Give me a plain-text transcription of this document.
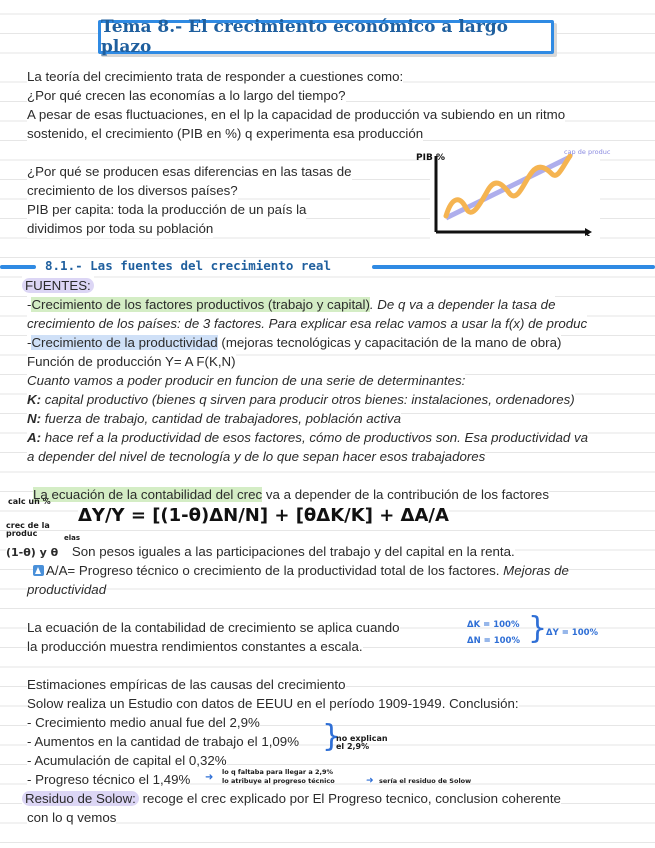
Tema 8.- El crecimiento económico a largo plazo
La teoría del crecimiento trata de responder a cuestiones como:
¿Por qué crecen las economías a lo largo del tiempo?
A pesar de esas fluctuaciones, en el lp la capacidad de producción va subiendo en un ritmo
sostenido, el crecimiento (PIB en %) q experimenta esa producción
¿Por qué se producen esas diferencias en las tasas de
crecimiento de los diversos países?
PIB per capita: toda la producción de un país la
dividimos por toda su población
PIB %
t
cap de produc
8.1.- Las fuentes del crecimiento real
FUENTES:
-Crecimiento de los factores productivos (trabajo y capital). De q va a depender la tasa de
crecimiento de los países: de 3 factores. Para explicar esa relac vamos a usar la f(x) de produc
-Crecimiento de la productividad (mejoras tecnológicas y capacitación de la mano de obra)
Función de producción Y= A F(K,N)
Cuanto vamos a poder producir en funcion de una serie de determinantes:
K: capital productivo (bienes q sirven para producir otros bienes: instalaciones, ordenadores)
N: fuerza de trabajo, cantidad de trabajadores, población activa
A: hace ref a la productividad de esos factores, cómo de productivos son. Esa productividad va
a depender del nivel de tecnología y de lo que sepan hacer esos trabajadores
La ecuación de la contabilidad del crec va a depender de la contribución de los factores
calc un %
crec de la produc	elas
ΔY/Y = [(1-θ)ΔN/N] + [θΔK/K] + ΔA/A
(1-θ) y θ Son pesos iguales a las participaciones del trabajo y del capital en la renta.
A/A= Progreso técnico o crecimiento de la productividad total de los factores. Mejoras de
productividad
La ecuación de la contabilidad de crecimiento se aplica cuando
la producción muestra rendimientos constantes a escala.
ΔK = 100%
ΔN = 100% }
ΔY = 100%
Estimaciones empíricas de las causas del crecimiento
Solow realiza un Estudio con datos de EEUU en el período 1909-1949. Conclusión:
- Crecimiento medio anual fue del 2,9%
- Aumentos en la cantidad de trabajo el 1,09%
- Acumulación de capital el 0,32%
- Progreso técnico el 1,49%
}
no explican el 2,9%
➜ lo q faltaba para llegar a 2,9%
lo atribuye al progreso técnico	➜ sería el residuo de Solow
Residuo de Solow: recoge el crec explicado por El Progreso tecnico, conclusion coherente
con lo q vemos
